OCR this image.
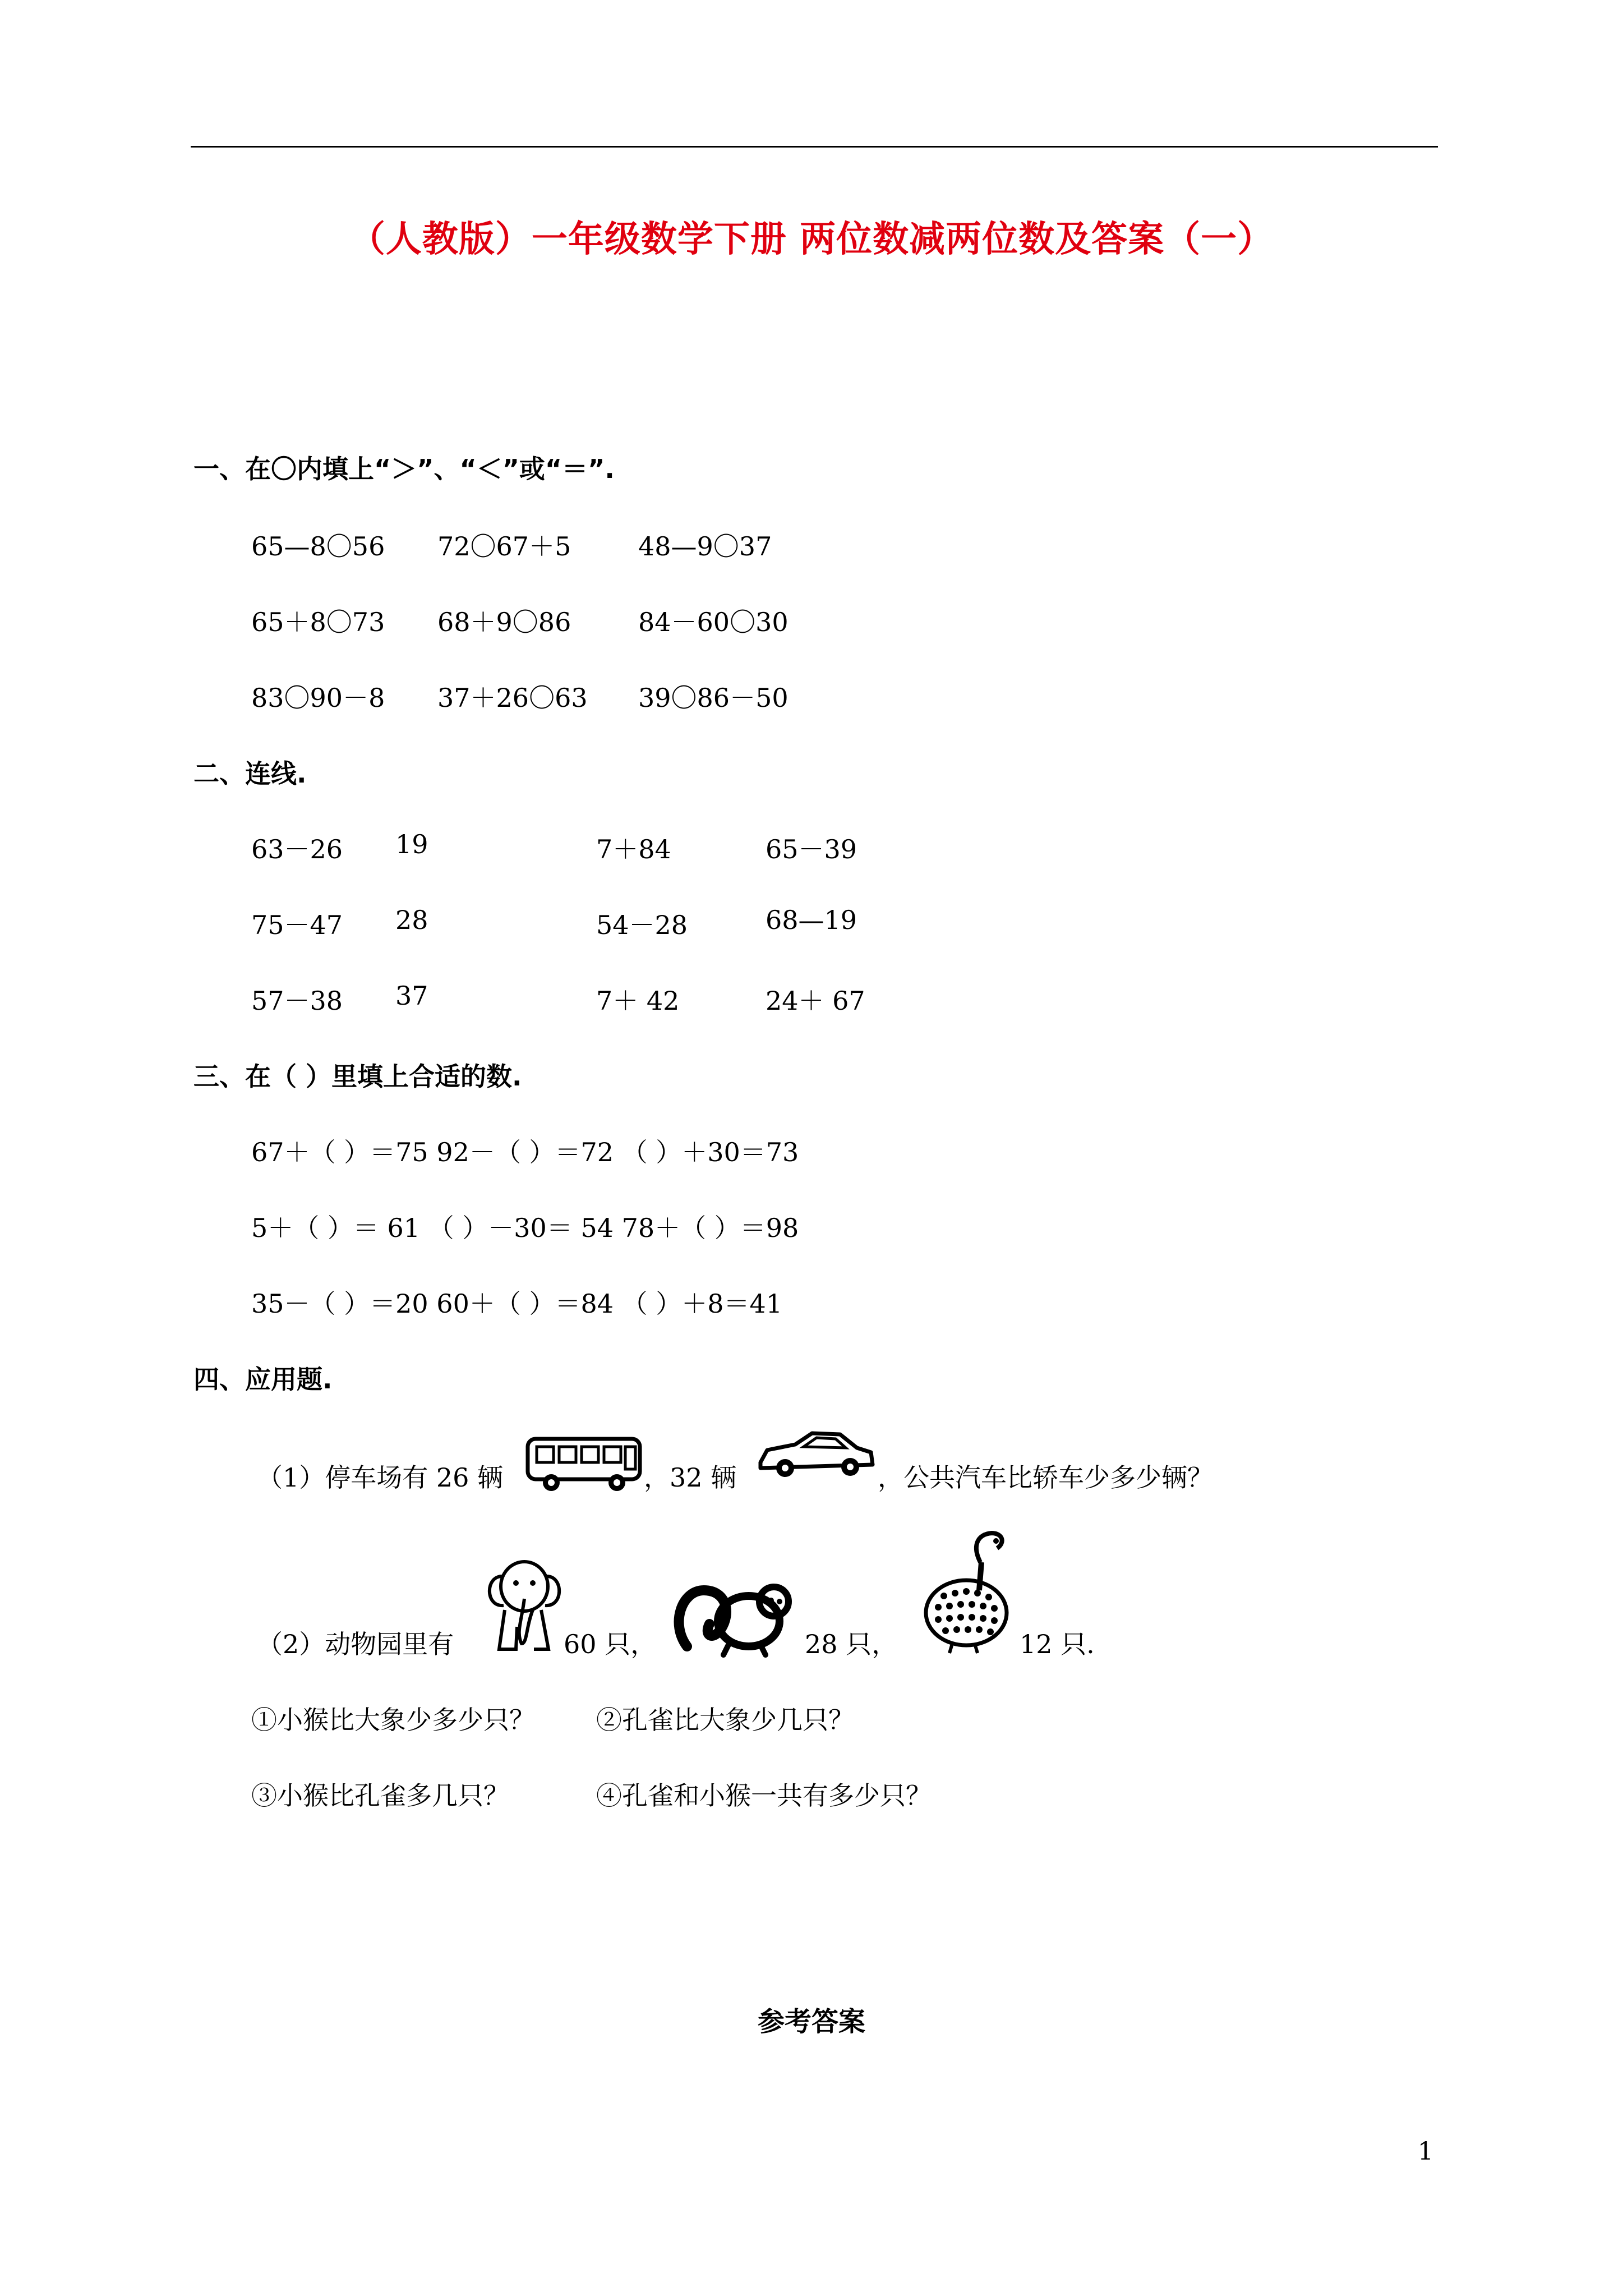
（人教版）一年级数学下册 两位数减两位数及答案（一）
一、在〇内填上“＞”、“＜”或“＝”.
65—8〇56 72〇67＋5	48—9〇37
65＋8〇73 68＋9〇86	84－60〇30
83〇90－8 37＋26〇63 39〇86－50
二、连线.
63－26 19	7＋84	65－39
75－47 28	54－28	68—19
57－38 37	7＋ 42	24＋ 67
三、在（ ）里填上合适的数.
67＋（ ）＝75 92－（ ）＝72 （ ）＋30＝73
5＋（ ）＝ 61 （ ）－30＝ 54 78＋（ ）＝98
35－（ ）＝20 60＋（ ）＝84 （ ）＋8＝41
四、应用题.
（1）停车场有 26 辆	，32 辆	，公共汽车比轿车少多少辆？
（2）动物园里有	60 只，	28 只，	12 只.
①小猴比大象少多少只？ ②孔雀比大象少几只？
③小猴比孔雀多几只？	④孔雀和小猴一共有多少只？
参考答案
1
